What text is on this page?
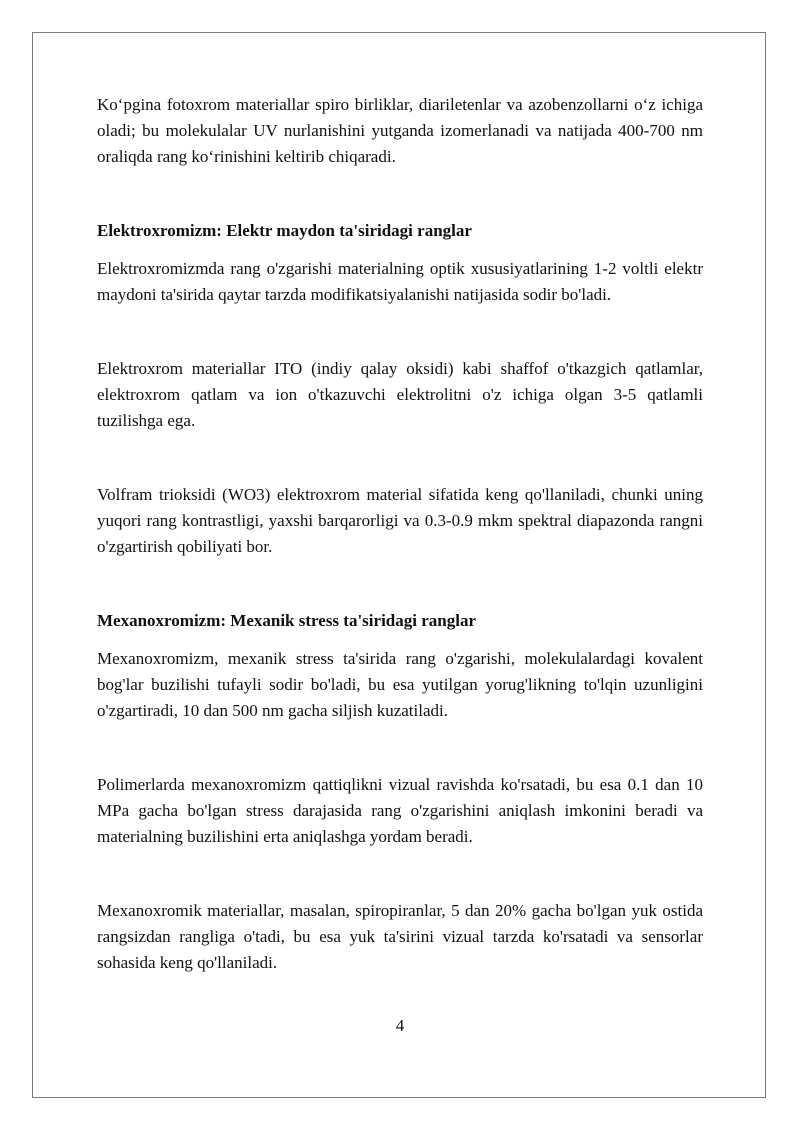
Ko‘pgina fotoxrom materiallar spiro birliklar, diariletenlar va azobenzollarni o‘z ichiga oladi; bu molekulalar UV nurlanishini yutganda izomerlanadi va natijada 400-700 nm oraliqda rang ko‘rinishini keltirib chiqaradi.

Elektroxromizm: Elektr maydon ta'siridagi ranglar

Elektroxromizmda rang o'zgarishi materialning optik xususiyatlarining 1-2 voltli elektr maydoni ta'sirida qaytar tarzda modifikatsiyalanishi natijasida sodir bo'ladi.

Elektroxrom materiallar ITO (indiy qalay oksidi) kabi shaffof o'tkazgich qatlamlar, elektroxrom qatlam va ion o'tkazuvchi elektrolitni o'z ichiga olgan 3-5 qatlamli tuzilishga ega.

Volfram trioksidi (WO3) elektroxrom material sifatida keng qo'llaniladi, chunki uning yuqori rang kontrastligi, yaxshi barqarorligi va 0.3-0.9 mkm spektral diapazonda rangni o'zgartirish qobiliyati bor.

Mexanoxromizm: Mexanik stress ta'siridagi ranglar

Mexanoxromizm, mexanik stress ta'sirida rang o'zgarishi, molekulalardagi kovalent bog'lar buzilishi tufayli sodir bo'ladi, bu esa yutilgan yorug'likning to'lqin uzunligini o'zgartiradi, 10 dan 500 nm gacha siljish kuzatiladi.

Polimerlarda mexanoxromizm qattiqlikni vizual ravishda ko'rsatadi, bu esa 0.1 dan 10 MPa gacha bo'lgan stress darajasida rang o'zgarishini aniqlash imkonini beradi va materialning buzilishini erta aniqlashga yordam beradi.

Mexanoxromik materiallar, masalan, spiropiranlar, 5 dan 20% gacha bo'lgan yuk ostida rangsizdan rangliga o'tadi, bu esa yuk ta'sirini vizual tarzda ko'rsatadi va sensorlar sohasida keng qo'llaniladi.

4
